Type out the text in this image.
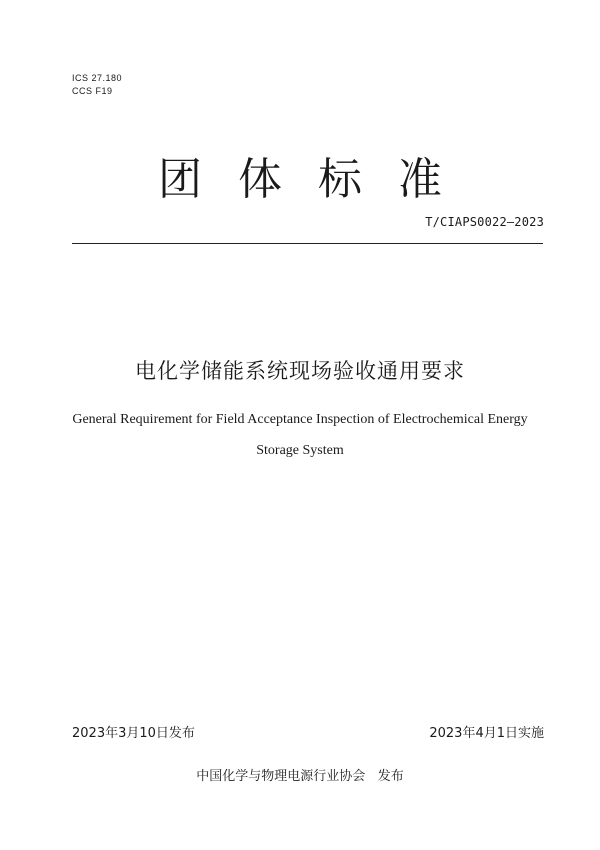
ICS 27.180
CCS F19
团体标准
T/CIAPS0022—2023
电化学储能系统现场验收通用要求
General Requirement for Field Acceptance Inspection of Electrochemical Energy
Storage System
2023年3月10日发布	2023年4月1日实施
中国化学与物理电源行业协会   发布
